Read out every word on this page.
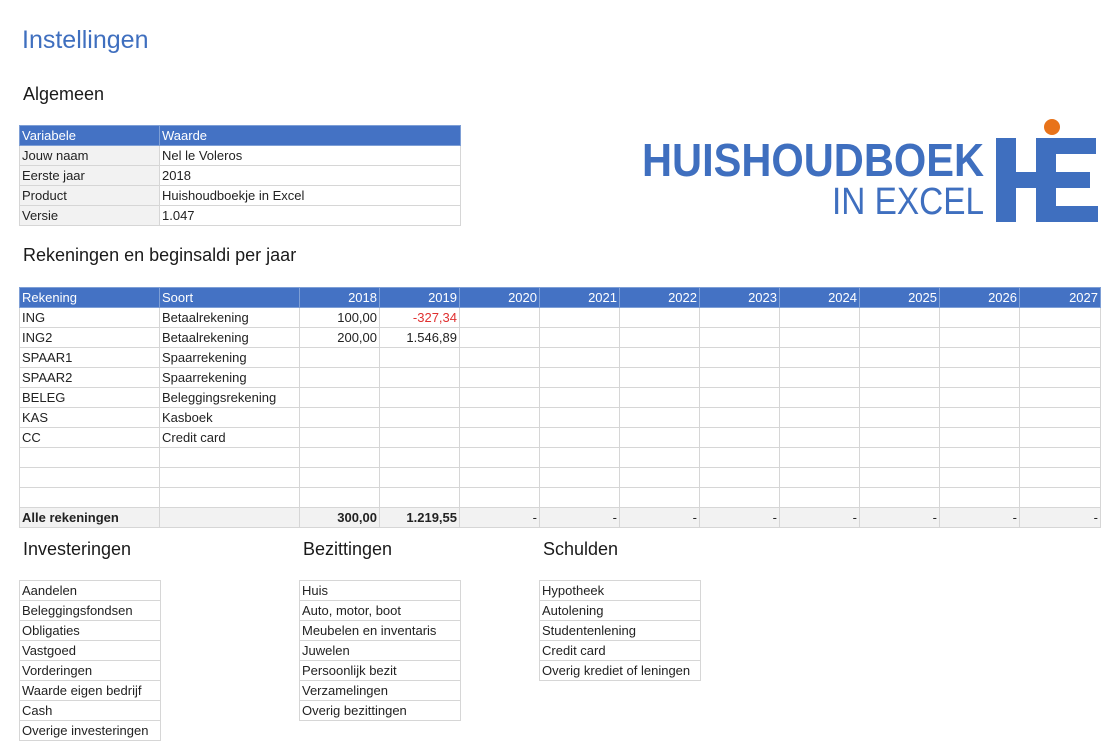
Instellingen
Algemeen
Variabele	Waarde
Jouw naam	Nel le Voleros
Eerste jaar	2018
Product	Huishoudboekje in Excel
Versie	1.047
HUISHOUDBOEK
IN EXCEL
Rekeningen en beginsaldi per jaar
Rekening	Soort	2018	2019	2020	2021	2022	2023	2024	2025	2026	2027
ING	Betaalrekening	100,00	-327,34								
ING2	Betaalrekening	200,00	1.546,89								
SPAAR1	Spaarrekening										
SPAAR2	Spaarrekening										
BELEG	Beleggingsrekening										
KAS	Kasboek										
CC	Credit card										

Alle rekeningen		300,00	1.219,55	-	-	-	-	-	-	-	-
Investeringen
Aandelen
Beleggingsfondsen
Obligaties
Vastgoed
Vorderingen
Waarde eigen bedrijf
Cash
Overige investeringen
Bezittingen
Huis
Auto, motor, boot
Meubelen en inventaris
Juwelen
Persoonlijk bezit
Verzamelingen
Overig bezittingen
Schulden
Hypotheek
Autolening
Studentenlening
Credit card
Overig krediet of leningen
